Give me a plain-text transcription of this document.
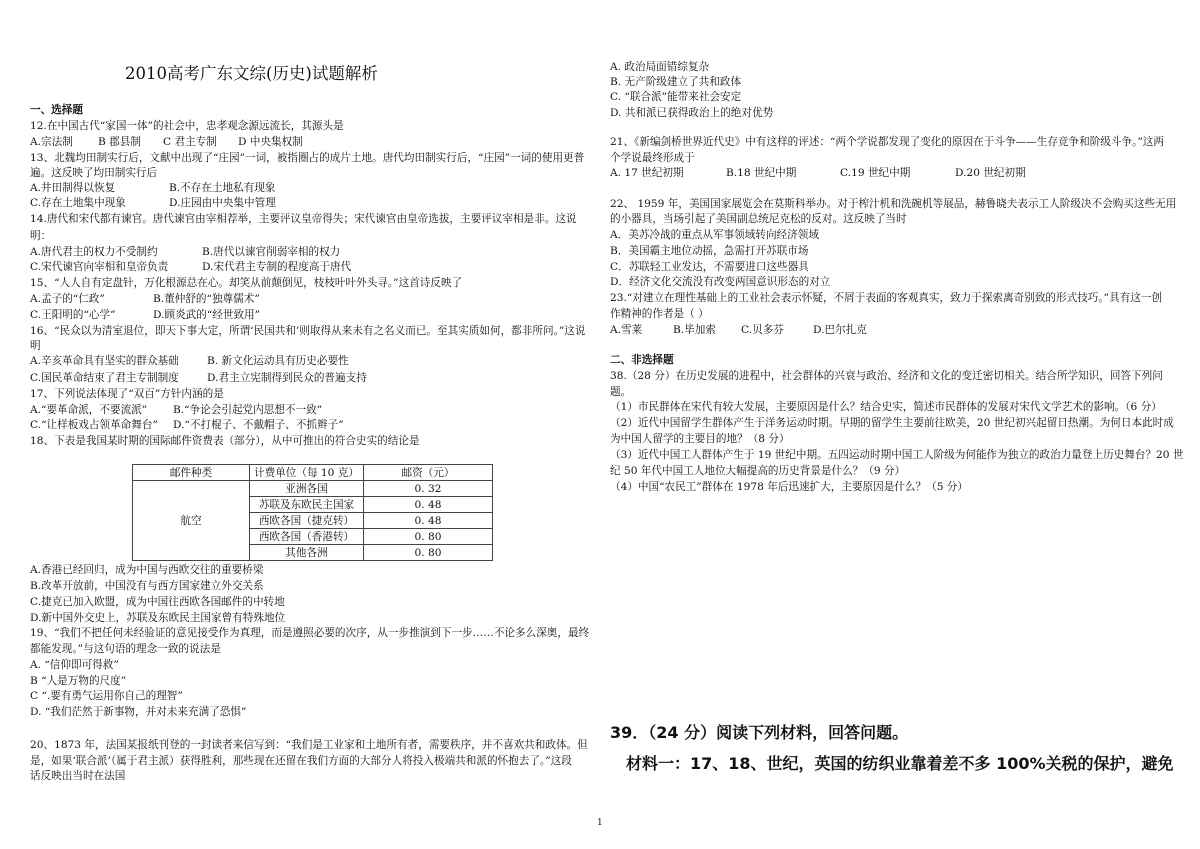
2010高考广东文综(历史)试题解析
一、选择题
12.在中国古代“家国一体”的社会中，忠孝观念源远流长，其源头是
A.宗法制 B 郡县制 C 君主专制 D 中央集权制
13、北魏均田制实行后，文献中出现了“庄园”一词，被指圈占的成片土地。唐代均田制实行后，“庄园”一词的使用更普
遍。这反映了均田制实行后
A.井田制得以恢复	B.不存在土地私有现象
C.存在土地集中现象	D.庄园由中央集中管理
14.唐代和宋代都有谏官。唐代谏官由宰相荐举，主要评议皇帝得失；宋代谏官由皇帝选拔，主要评议宰相是非。这说
明：
A.唐代君主的权力不受制约	B.唐代以谏官削弱宰相的权力
C.宋代谏官向宰相和皇帝负责	D.宋代君主专制的程度高于唐代
15、“人人自有定盘针，万化根源总在心。却笑从前颠倒见，枝枝叶叶外头寻。”这首诗反映了
A.孟子的“仁政”	B.董仲舒的“独尊儒术”
C.王阳明的“心学”	D.顾炎武的“经世致用”
16、“民众以为清室退位，即天下事大定，所谓‘民国共和’则取得从来未有之名义而已。至其实质如何，都非所问。”这说
明
A.辛亥革命具有坚实的群众基础	B. 新文化运动具有历史必要性
C.国民革命结束了君主专制制度	D.君主立宪制得到民众的普遍支持
17、下列说法体现了“双百”方针内涵的是
A.“要革命派，不要流派” B.“争论会引起党内思想不一致”
C.“让样板戏占领革命舞台” D.“不打棍子、不戴帽子、不抓辫子”
18、下表是我国某时期的国际邮件资费表（部分），从中可推出的符合史实的结论是
邮件种类	计费单位（每 10 克）	邮资（元）
航空	亚洲各国	0. 32
	苏联及东欧民主国家	0. 48
	西欧各国（捷克转）	0. 48
	西欧各国（香港转）	0. 80
	其他各洲	0. 80
A.香港已经回归，成为中国与西欧交往的重要桥梁
B.改革开放前，中国没有与西方国家建立外交关系
C.捷克已加入欧盟，成为中国往西欧各国邮件的中转地
D.新中国外交史上，苏联及东欧民主国家曾有特殊地位
19、“我们不把任何未经验证的意见接受作为真理，而是遵照必要的次序，从一步推演到下一步……不论多么深奥，最终
都能发现。”与这句语的理念一致的说法是
A. “信仰即可得救”
B “人是万物的尺度”
C “.要有勇气运用你自己的理智”
D. “我们茫然于新事物，并对未来充满了恐惧”
20、1873 年，法国某报纸刊登的一封读者来信写到：“我们是工业家和土地所有者，需要秩序，并不喜欢共和政体。但
是，如果‘联合派’（属于君主派）获得胜利，那些现在还留在我们方面的大部分人将投入极端共和派的怀抱去了。”这段
话反映出当时在法国
A. 政治局面错综复杂
B. 无产阶级建立了共和政体
C. “联合派”能带来社会安定
D. 共和派已获得政治上的绝对优势
21、《新编剑桥世界近代史》中有这样的评述：“两个学说都发现了变化的原因在于斗争——生存竞争和阶级斗争。”这两
个学说最终形成于
A. 17 世纪初期	B.18 世纪中期	C.19 世纪中期	D.20 世纪初期
22、 1959 年，美国国家展览会在莫斯科举办。对于榨汁机和洗碗机等展品，赫鲁晓夫表示工人阶级决不会购买这些无用
的小器具，当场引起了美国副总统尼克松的反对。这反映了当时
A．美苏冷战的重点从军事领域转向经济领域
B．美国霸主地位动摇，急需打开苏联市场
C．苏联轻工业发达，不需要进口这些器具
D．经济文化交流没有改变两国意识形态的对立
23.“对建立在理性基础上的工业社会表示怀疑，不屑于表面的客观真实，致力于探索离奇别致的形式技巧。”具有这一创
作精神的作者是（ ）
A.雪莱	B.毕加索 C.贝多芬	D.巴尔扎克
二、非选择题
38.（28 分）在历史发展的进程中，社会群体的兴衰与政治、经济和文化的变迁密切相关。结合所学知识，回答下列问
题。
（1）市民群体在宋代有较大发展，主要原因是什么？结合史实，简述市民群体的发展对宋代文学艺术的影响。（6 分）
（2）近代中国留学生群体产生于洋务运动时期。早期的留学生主要前往欧美，20 世纪初兴起留日热潮。为何日本此时成
为中国人留学的主要目的地？（8 分）
（3）近代中国工人群体产生于 19 世纪中期。五四运动时期中国工人阶级为何能作为独立的政治力量登上历史舞台？20 世
纪 50 年代中国工人地位大幅提高的历史背景是什么？（9 分）
（4）中国“农民工”群体在 1978 年后迅速扩大，主要原因是什么？（5 分）
39．（24 分）阅读下列材料，回答问题。
材料一：17、18、世纪，英国的纺织业靠着差不多 100%关税的保护，避免
1
